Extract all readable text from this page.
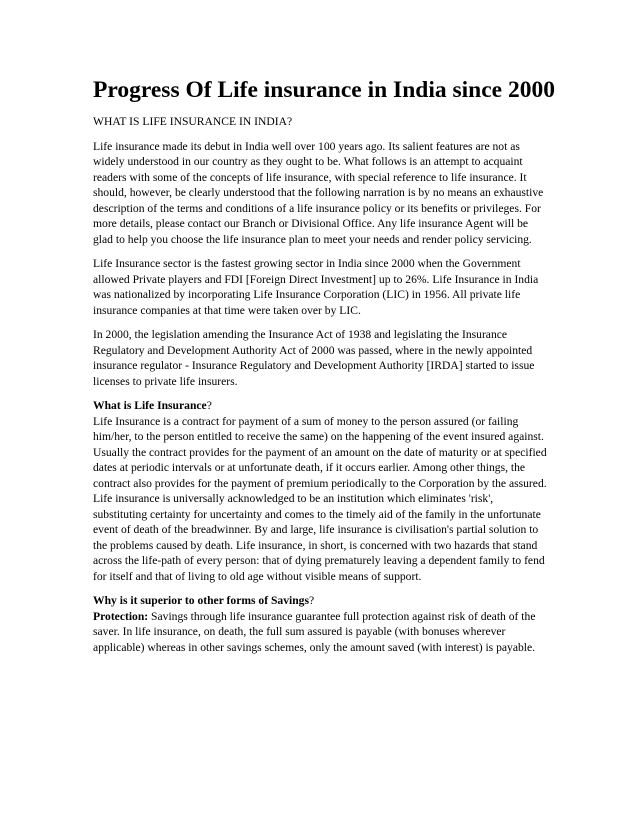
Progress Of Life insurance in India since 2000

WHAT IS LIFE INSURANCE IN INDIA?

Life insurance made its debut in India well over 100 years ago. Its salient features are not as widely understood in our country as they ought to be. What follows is an attempt to acquaint readers with some of the concepts of life insurance, with special reference to life insurance. It should, however, be clearly understood that the following narration is by no means an exhaustive description of the terms and conditions of a life insurance policy or its benefits or privileges. For more details, please contact our Branch or Divisional Office. Any life insurance Agent will be glad to help you choose the life insurance plan to meet your needs and render policy servicing.

Life Insurance sector is the fastest growing sector in India since 2000 when the Government allowed Private players and FDI [Foreign Direct Investment] up to 26%. Life Insurance in India was nationalized by incorporating Life Insurance Corporation (LIC) in 1956. All private life insurance companies at that time were taken over by LIC.

In 2000, the legislation amending the Insurance Act of 1938 and legislating the Insurance Regulatory and Development Authority Act of 2000 was passed, where in the newly appointed insurance regulator - Insurance Regulatory and Development Authority [IRDA] started to issue licenses to private life insurers.

What is Life Insurance?
Life Insurance is a contract for payment of a sum of money to the person assured (or failing him/her, to the person entitled to receive the same) on the happening of the event insured against. Usually the contract provides for the payment of an amount on the date of maturity or at specified dates at periodic intervals or at unfortunate death, if it occurs earlier. Among other things, the contract also provides for the payment of premium periodically to the Corporation by the assured. Life insurance is universally acknowledged to be an institution which eliminates 'risk', substituting certainty for uncertainty and comes to the timely aid of the family in the unfortunate event of death of the breadwinner. By and large, life insurance is civilisation's partial solution to the problems caused by death. Life insurance, in short, is concerned with two hazards that stand across the life-path of every person: that of dying prematurely leaving a dependent family to fend for itself and that of living to old age without visible means of support.
Why is it superior to other forms of Savings?
Protection: Savings through life insurance guarantee full protection against risk of death of the saver. In life insurance, on death, the full sum assured is payable (with bonuses wherever applicable) whereas in other savings schemes, only the amount saved (with interest) is payable.
